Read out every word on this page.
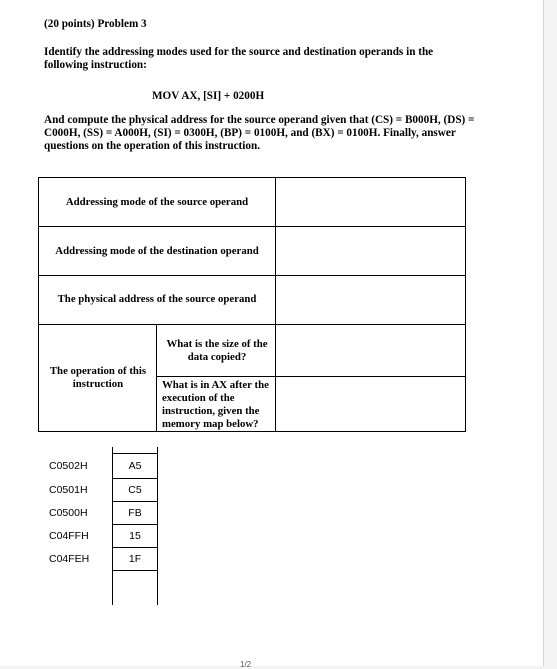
(20 points) Problem 3
Identify the addressing modes used for the source and destination operands in the following instruction:
MOV AX, [SI] + 0200H
And compute the physical address for the source operand given that (CS) = B000H, (DS) = C000H, (SS) = A000H, (SI) = 0300H, (BP) = 0100H, and (BX) = 0100H. Finally, answer questions on the operation of this instruction.
Addressing mode of the source operand
Addressing mode of the destination operand
The physical address of the source operand
The operation of this instruction
What is the size of the data copied?
What is in AX after the execution of the instruction, given the memory map below?
C0502H	A5
C0501H	C5
C0500H	FB
C04FFH	15
C04FEH	1F
1/2
